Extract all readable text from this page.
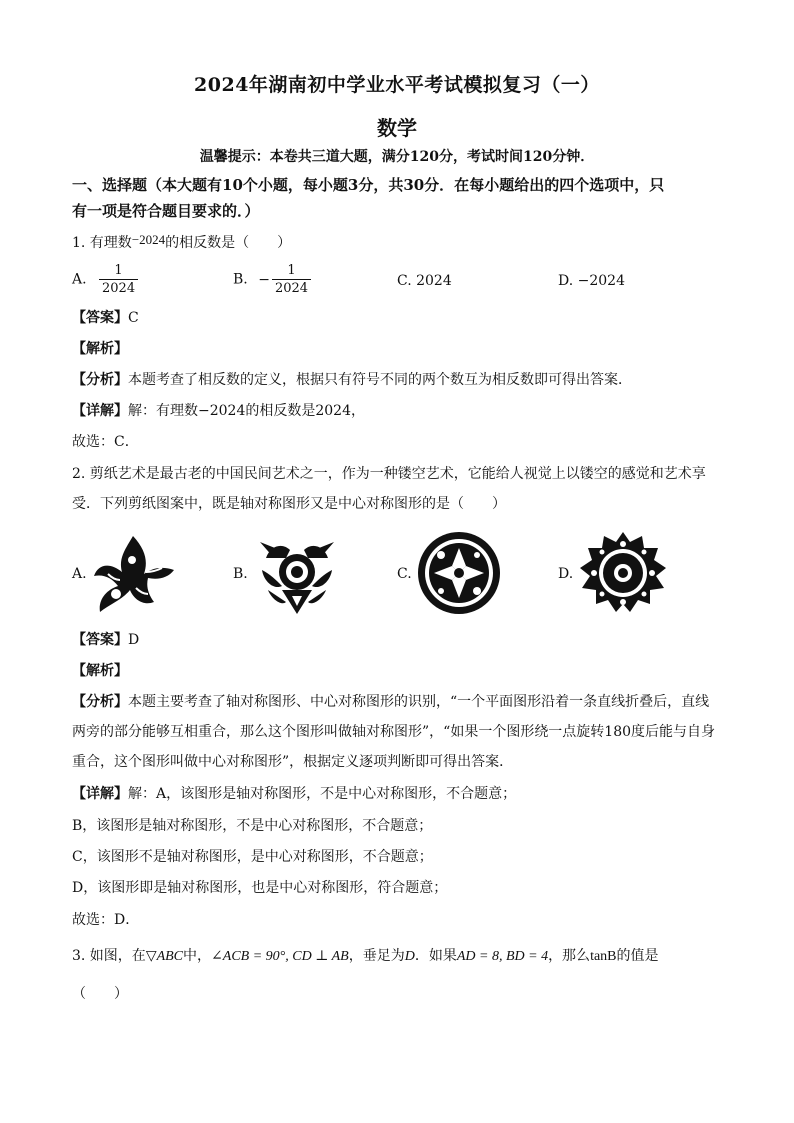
2024年湖南初中学业水平考试模拟复习（一）
数学
温馨提示：本卷共三道大题，满分120分，考试时间120分钟．
一、选择题（本大题有10个小题，每小题3分，共30分．在每小题给出的四个选项中，只
有一项是符合题目要求的．）
1. 有理数−2024的相反数是（　　）
A. $\frac{1}{2024}$	B. − $\frac{1}{2024}$	C. 2024	D. −2024
【答案】C
【解析】
【分析】本题考查了相反数的定义，根据只有符号不同的两个数互为相反数即可得出答案．
【详解】解：有理数−2024的相反数是2024，
故选：C．
2. 剪纸艺术是最古老的中国民间艺术之一，作为一种镂空艺术，它能给人视觉上以镂空的感觉和艺术享
受．下列剪纸图案中，既是轴对称图形又是中心对称图形的是（　　）
A.	B.	C.	D.
【答案】D
【解析】
【分析】本题主要考查了轴对称图形、中心对称图形的识别，“一个平面图形沿着一条直线折叠后，直线
两旁的部分能够互相重合，那么这个图形叫做轴对称图形”，“如果一个图形绕一点旋转180度后能与自身
重合，这个图形叫做中心对称图形”，根据定义逐项判断即可得出答案．
【详解】解：A，该图形是轴对称图形，不是中心对称图形，不合题意；
B，该图形是轴对称图形，不是中心对称图形，不合题意；
C，该图形不是轴对称图形，是中心对称图形，不合题意；
D，该图形即是轴对称图形，也是中心对称图形，符合题意；
故选：D．
3. 如图，在▽ABC中，∠ACB = 90°, CD ⊥ AB，垂足为D．如果AD = 8, BD = 4，那么tanB的值是
（　　）
